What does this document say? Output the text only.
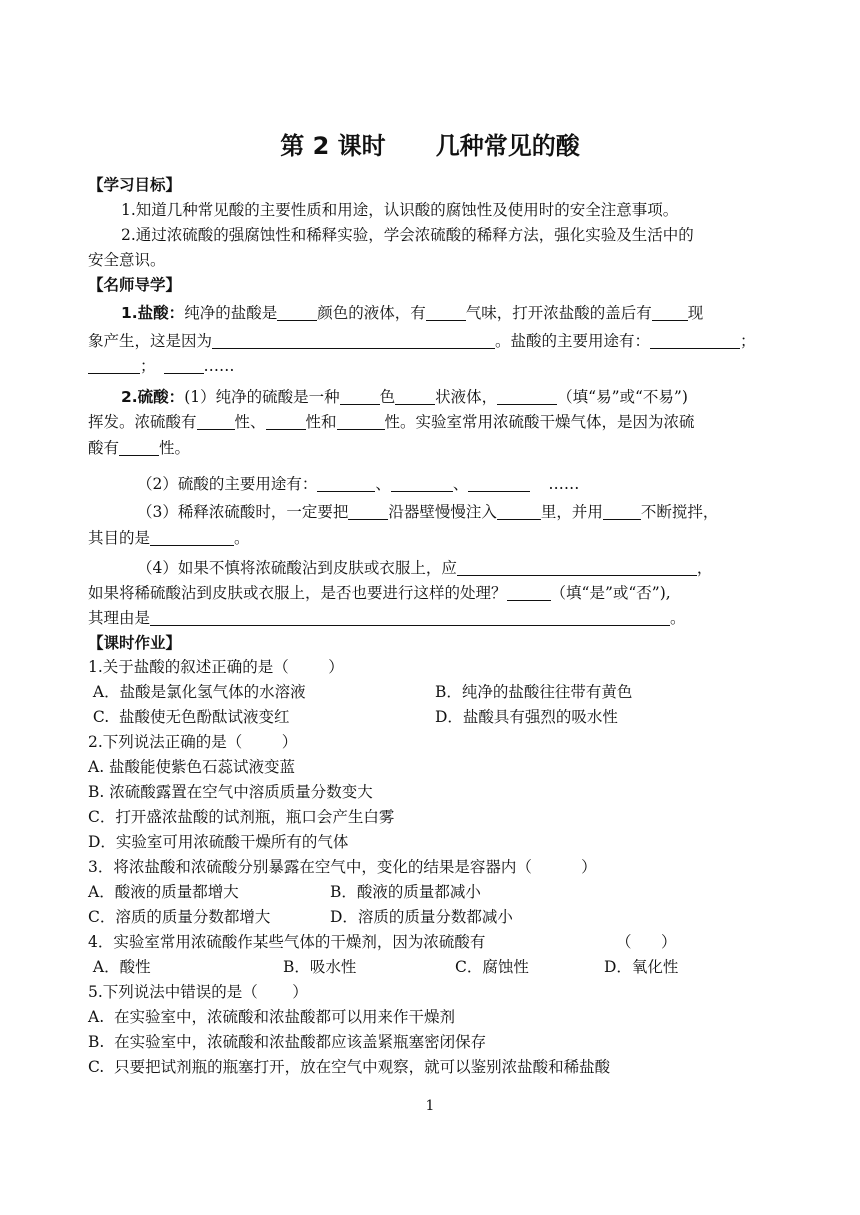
第 2 课时      几种常见的酸
【学习目标】
1.知道几种常见酸的主要性质和用途，认识酸的腐蚀性及使用时的安全注意事项。
2.通过浓硫酸的强腐蚀性和稀释实验，学会浓硫酸的稀释方法，强化实验及生活中的
安全意识。
【名师导学】
1.盐酸：纯净的盐酸是	颜色的液体，有	气味，打开浓盐酸的盖后有 现
象产生，这是因为	。盐酸的主要用途有：	；
；	……
2.硫酸：(1）纯净的硫酸是一种	色	状液体，	（填“易”或“不易”)
挥发。浓硫酸有 性、	性和	性。实验室常用浓硫酸干燥气体，是因为浓硫
酸有	性。
（2）硫酸的主要用途有：	、	、	……
（3）稀释浓硫酸时，一定要把	沿器壁慢慢注入	里，并用 不断搅拌，
其目的是	。
（4）如果不慎将浓硫酸沾到皮肤或衣服上，应	，
如果将稀硫酸沾到皮肤或衣服上，是否也要进行这样的处理？	（填“是”或“否”),
其理由是	。
【课时作业】
1.关于盐酸的叙述正确的是（        ）
A．盐酸是氯化氢气体的水溶液	B．纯净的盐酸往往带有黄色
C.  盐酸使无色酚酞试液变红	D．盐酸具有强烈的吸水性
2.下列说法正确的是（        ）
A. 盐酸能使紫色石蕊试液变蓝
B. 浓硫酸露置在空气中溶质质量分数变大
C．打开盛浓盐酸的试剂瓶，瓶口会产生白雾
D．实验室可用浓硫酸干燥所有的气体
3．将浓盐酸和浓硫酸分别暴露在空气中，变化的结果是容器内（          ）
A．酸液的质量都增大	B．酸液的质量都减小
C．溶质的质量分数都增大	D．溶质的质量分数都减小
4．实验室常用浓硫酸作某些气体的干燥剂，因为浓硫酸有	（      ）
A．酸性	B．吸水性	C．腐蚀性	D．氧化性
5.下列说法中错误的是（       ）
A.  在实验室中，浓硫酸和浓盐酸都可以用来作干燥剂
B.  在实验室中，浓硫酸和浓盐酸都应该盖紧瓶塞密闭保存
C.  只要把试剂瓶的瓶塞打开，放在空气中观察，就可以鉴别浓盐酸和稀盐酸
1
